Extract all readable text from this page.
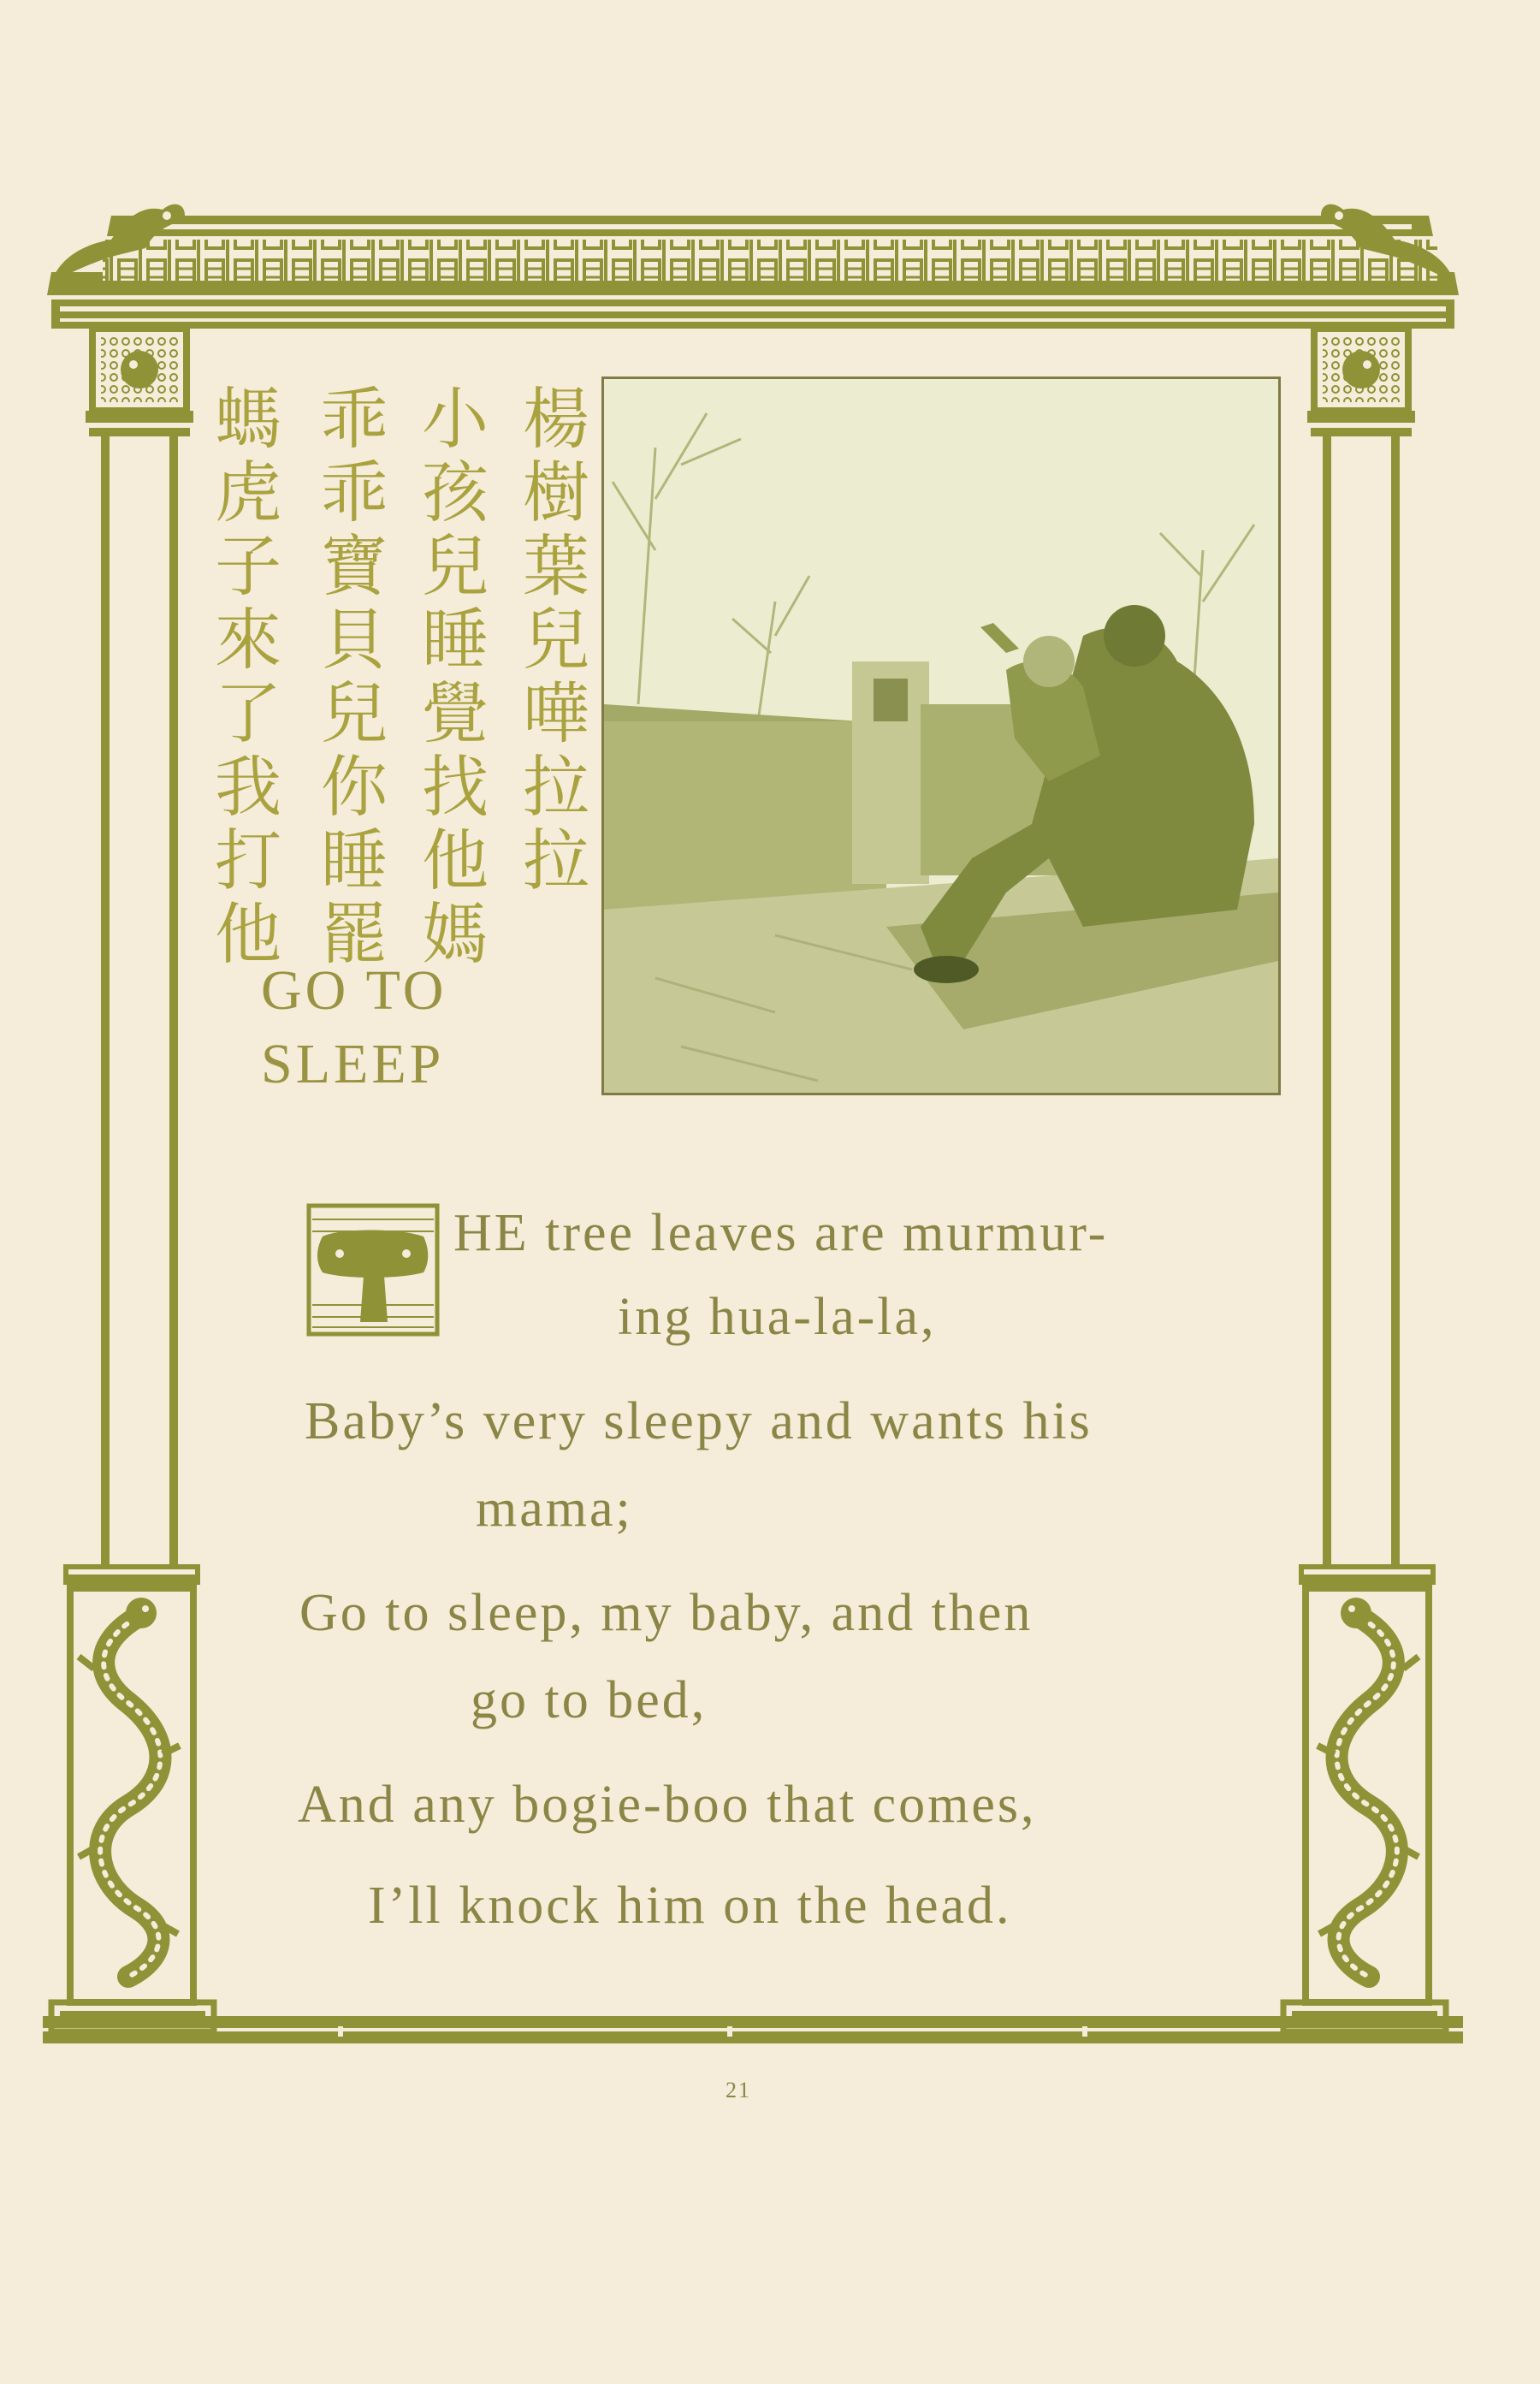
楊樹葉兒嘩拉拉
小孩兒睡覺找他媽
乖乖寶貝兒你睡罷
螞虎子來了我打他
GO TO
SLEEP
HE tree leaves are murmur-
ing hua-la-la,
Baby’s very sleepy and wants his
mama;
Go to sleep, my baby, and then
go to bed,
And any bogie-boo that comes,
I’ll knock him on the head.
21
